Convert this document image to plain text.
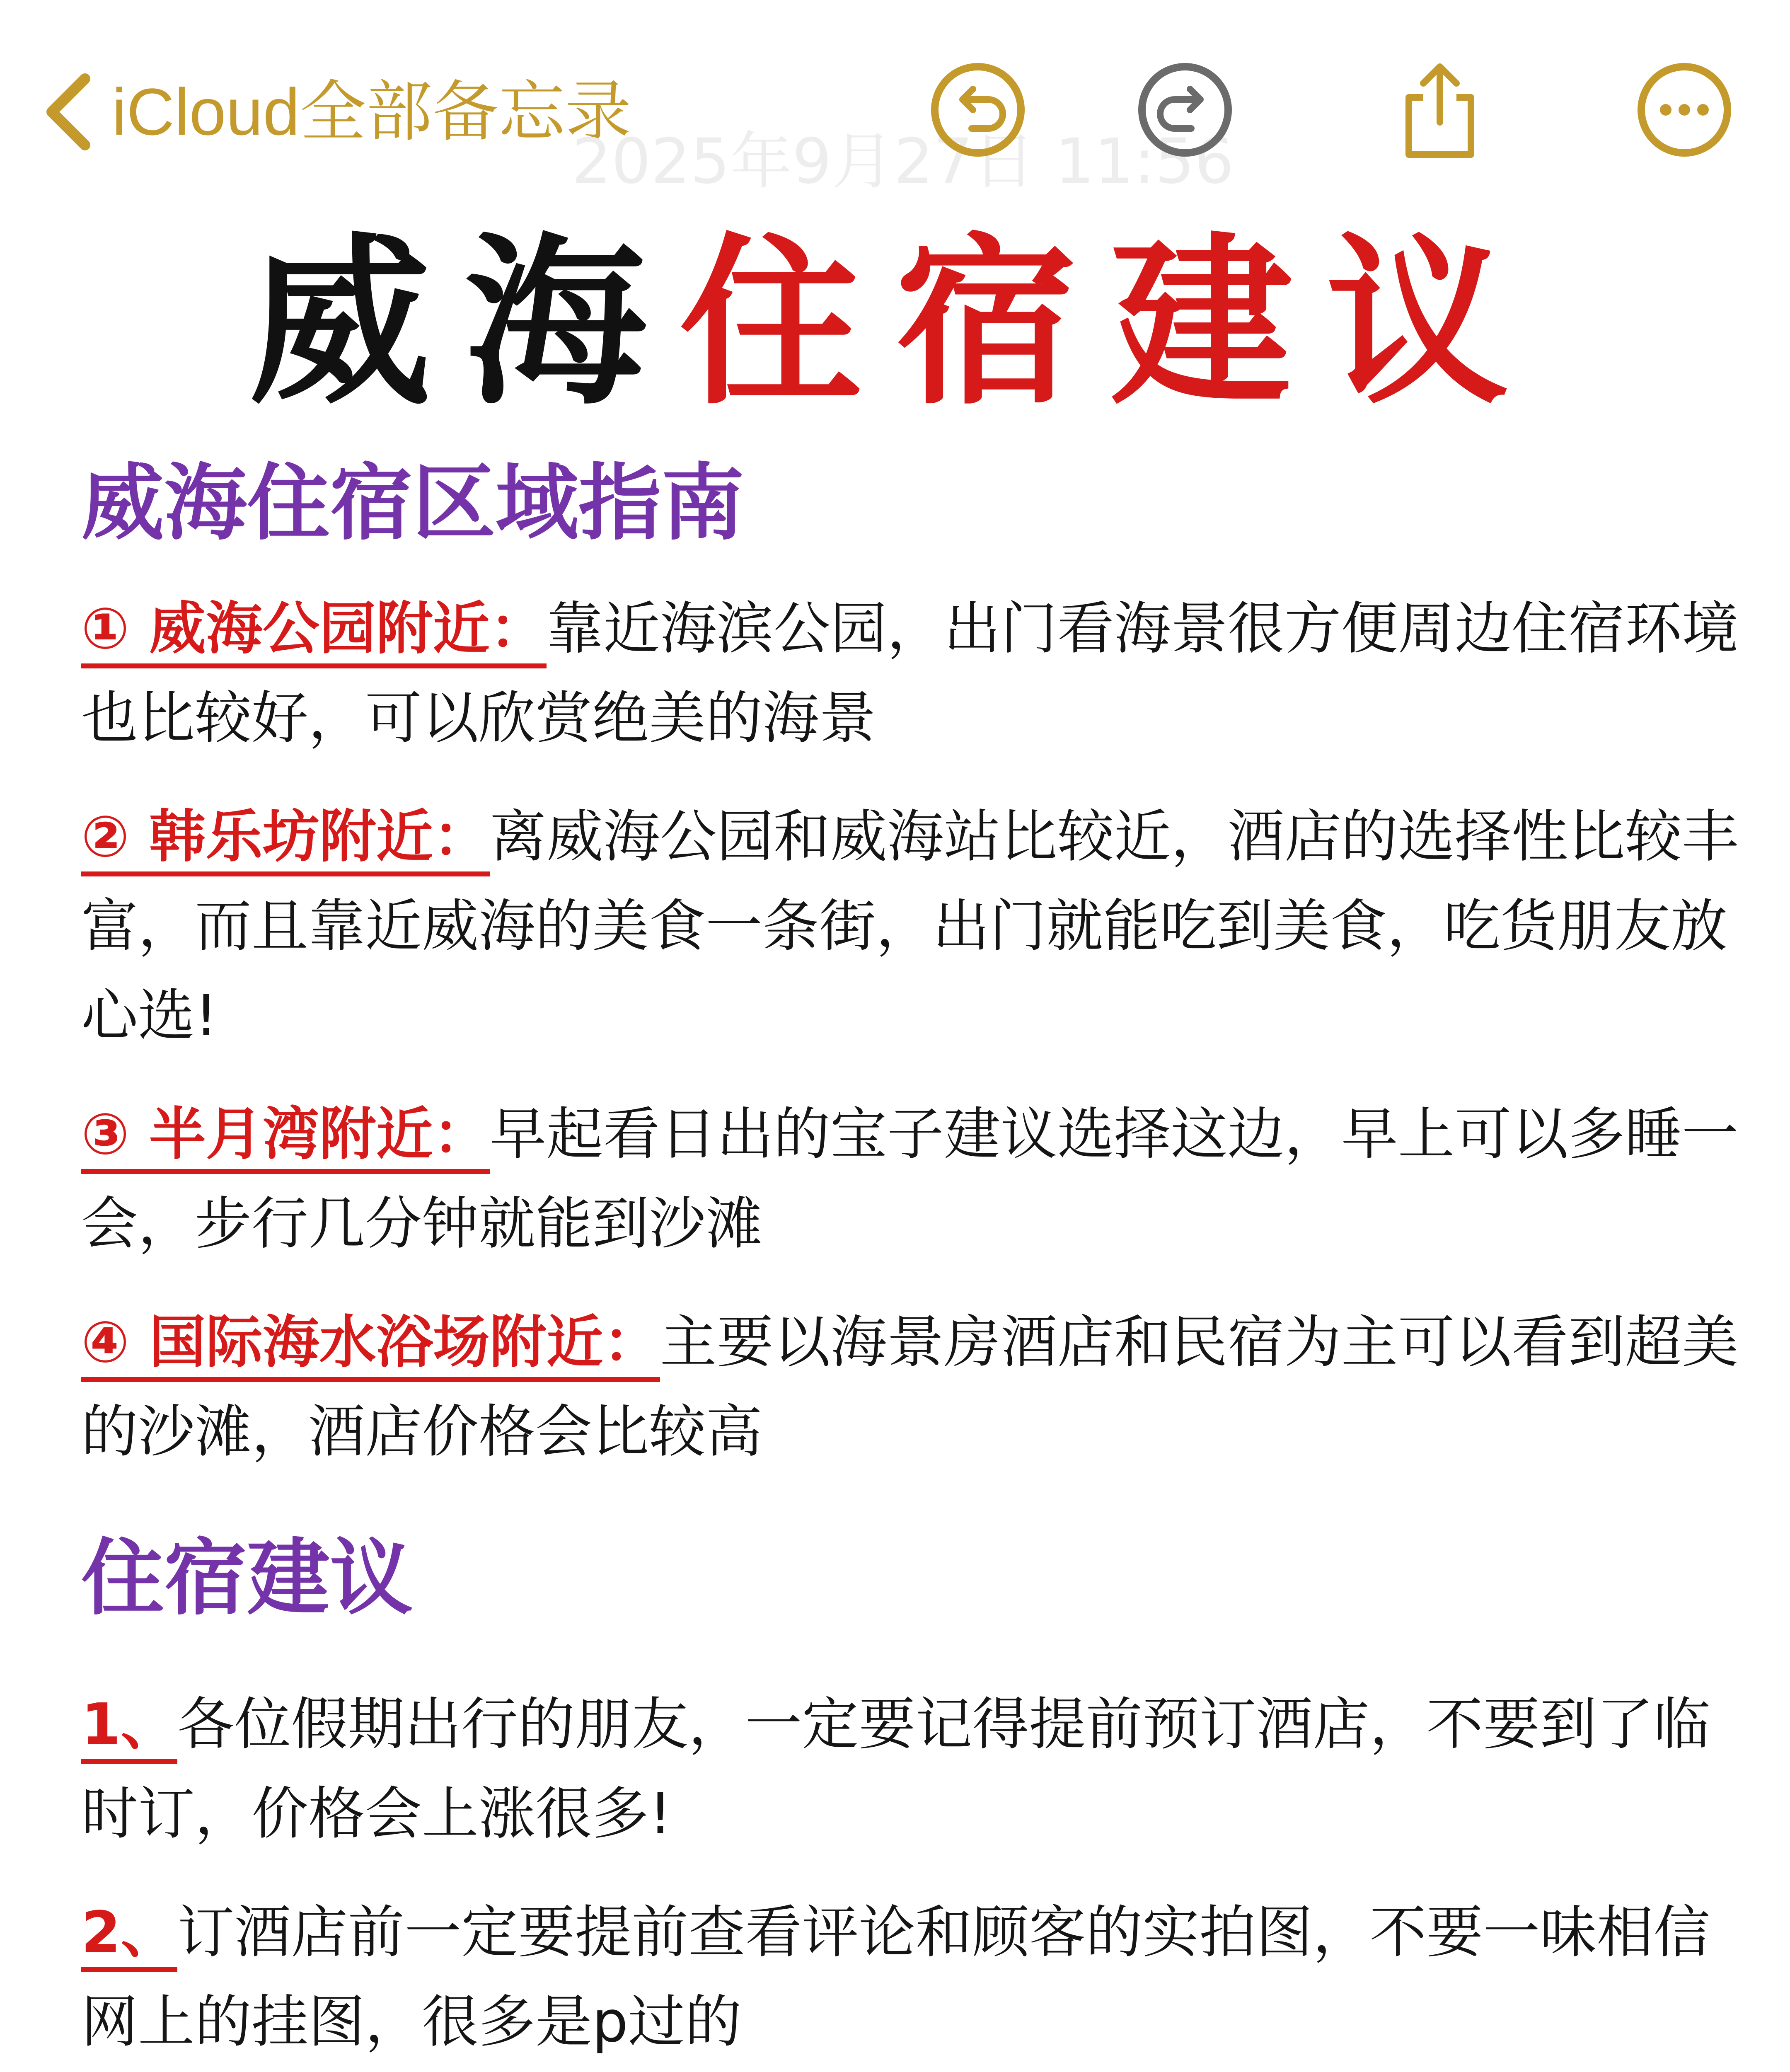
iCloud全部备忘录
2025年9月27日 11:56
威海住宿建议
威海住宿区域指南

① 威海公园附近：靠近海滨公园，出门看海景很方便周边住宿环境也比较好，可以欣赏绝美的海景

② 韩乐坊附近：离威海公园和威海站比较近，酒店的选择性比较丰富，而且靠近威海的美食一条街，出门就能吃到美食，吃货朋友放心选!

③ 半月湾附近：早起看日出的宝子建议选择这边，早上可以多睡一会，步行几分钟就能到沙滩

④ 国际海水浴场附近：主要以海景房酒店和民宿为主可以看到超美的沙滩，酒店价格会比较高

住宿建议

1、各位假期出行的朋友，一定要记得提前预订酒店，不要到了临时订，价格会上涨很多!

2、订酒店前一定要提前查看评论和顾客的实拍图，不要一味相信网上的挂图，很多是p过的
